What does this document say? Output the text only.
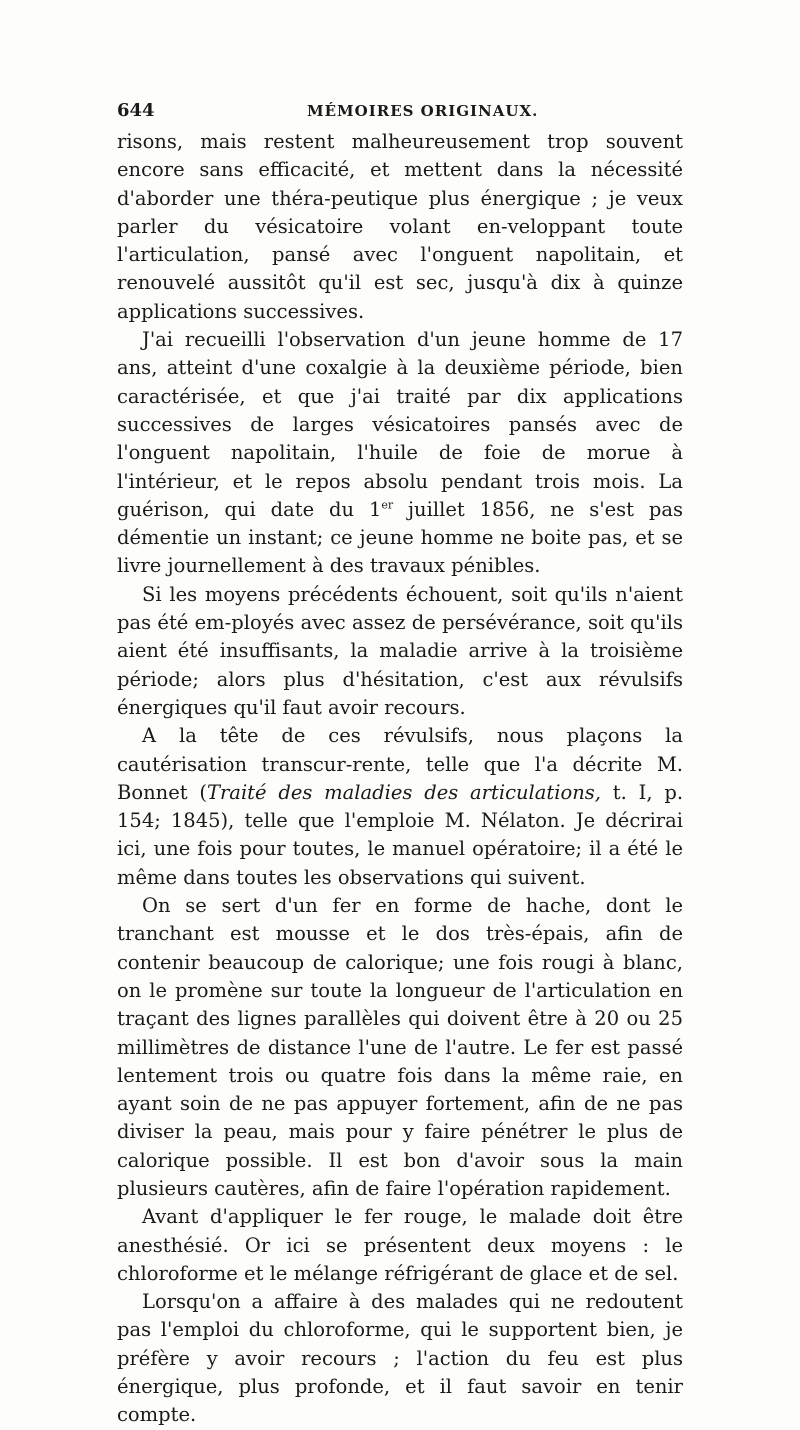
644	MÉMOIRES ORIGINAUX.

risons, mais restent malheureusement trop souvent encore sans efficacité, et mettent dans la nécessité d'aborder une théra-peutique plus énergique ; je veux parler du vésicatoire volant en-veloppant toute l'articulation, pansé avec l'onguent napolitain, et renouvelé aussitôt qu'il est sec, jusqu'à dix à quinze applications successives.

J'ai recueilli l'observation d'un jeune homme de 17 ans, atteint d'une coxalgie à la deuxième période, bien caractérisée, et que j'ai traité par dix applications successives de larges vésicatoires pansés avec de l'onguent napolitain, l'huile de foie de morue à l'intérieur, et le repos absolu pendant trois mois. La guérison, qui date du 1er juillet 1856, ne s'est pas démentie un instant; ce jeune homme ne boite pas, et se livre journellement à des travaux pénibles.

Si les moyens précédents échouent, soit qu'ils n'aient pas été em-ployés avec assez de persévérance, soit qu'ils aient été insuffisants, la maladie arrive à la troisième période; alors plus d'hésitation, c'est aux révulsifs énergiques qu'il faut avoir recours.

A la tête de ces révulsifs, nous plaçons la cautérisation transcur-rente, telle que l'a décrite M. Bonnet (Traité des maladies des articulations, t. I, p. 154; 1845), telle que l'emploie M. Nélaton. Je décrirai ici, une fois pour toutes, le manuel opératoire; il a été le même dans toutes les observations qui suivent.

On se sert d'un fer en forme de hache, dont le tranchant est mousse et le dos très-épais, afin de contenir beaucoup de calorique; une fois rougi à blanc, on le promène sur toute la longueur de l'articulation en traçant des lignes parallèles qui doivent être à 20 ou 25 millimètres de distance l'une de l'autre. Le fer est passé lentement trois ou quatre fois dans la même raie, en ayant soin de ne pas appuyer fortement, afin de ne pas diviser la peau, mais pour y faire pénétrer le plus de calorique possible. Il est bon d'avoir sous la main plusieurs cautères, afin de faire l'opération rapidement.

Avant d'appliquer le fer rouge, le malade doit être anesthésié. Or ici se présentent deux moyens : le chloroforme et le mélange réfrigérant de glace et de sel.

Lorsqu'on a affaire à des malades qui ne redoutent pas l'emploi du chloroforme, qui le supportent bien, je préfère y avoir recours ; l'action du feu est plus énergique, plus profonde, et il faut savoir en tenir compte.
